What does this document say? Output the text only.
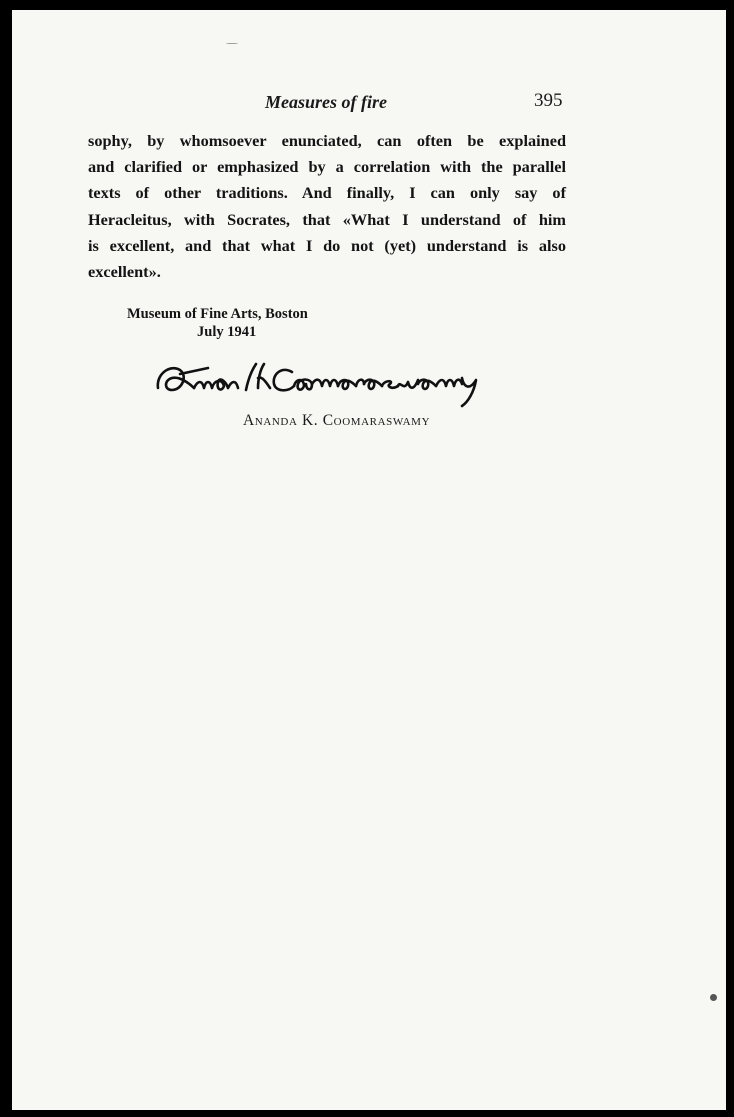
Measures of fire	395
sophy, by whomsoever enunciated, can often be explained
and clarified or emphasized by a correlation with the parallel
texts of other traditions. And finally, I can only say of
Heracleitus, with Socrates, that «What I understand of him
is excellent, and that what I do not (yet) understand is also
excellent».
Museum of Fine Arts, Boston
July 1941
Ananda K. Coomaraswamy
